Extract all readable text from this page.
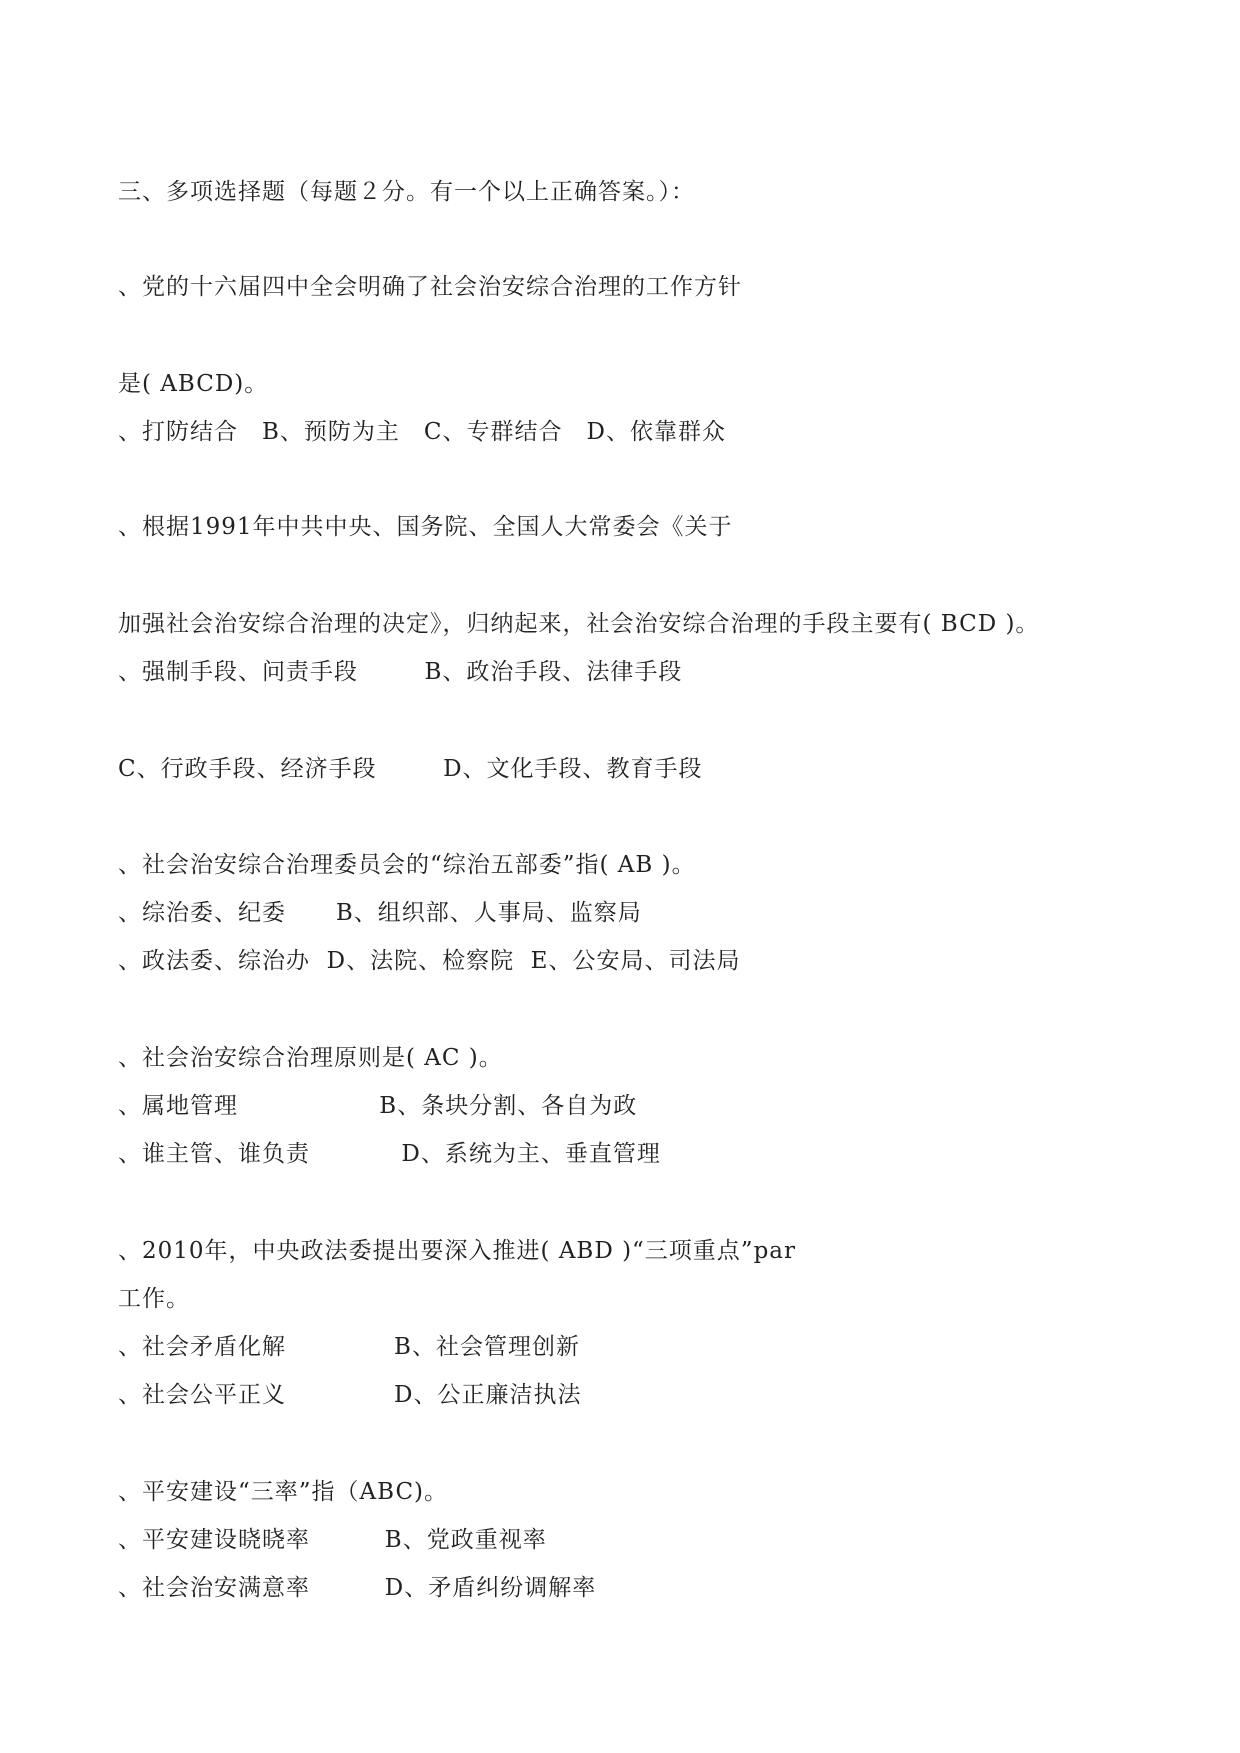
三、多项选择题（每题２分。有一个以上正确答案。）：
、党的十六届四中全会明确了社会治安综合治理的工作方针
是( ABCD)。
、打防结合　B、预防为主　C、专群结合　D、依靠群众
、根据1991年中共中央、国务院、全国人大常委会《关于
加强社会治安综合治理的决定》，归纳起来，社会治安综合治理的手段主要有( BCD )。
、强制手段、问责手段        B、政治手段、法律手段
C、行政手段、经济手段        D、文化手段、教育手段
、社会治安综合治理委员会的“综治五部委”指( AB )。
、综治委、纪委      B、组织部、人事局、监察局
、政法委、综治办  D、法院、检察院  E、公安局、司法局
、社会治安综合治理原则是( AC )。
、属地管理                 B、条块分割、各自为政
、谁主管、谁负责           D、系统为主、垂直管理
、2010年，中央政法委提出要深入推进( ABD )“三项重点”par
工作。
、社会矛盾化解             B、社会管理创新
、社会公平正义             D、公正廉洁执法
、平安建设“三率”指（ABC)。
、平安建设晓晓率         B、党政重视率
、社会治安满意率         D、矛盾纠纷调解率
